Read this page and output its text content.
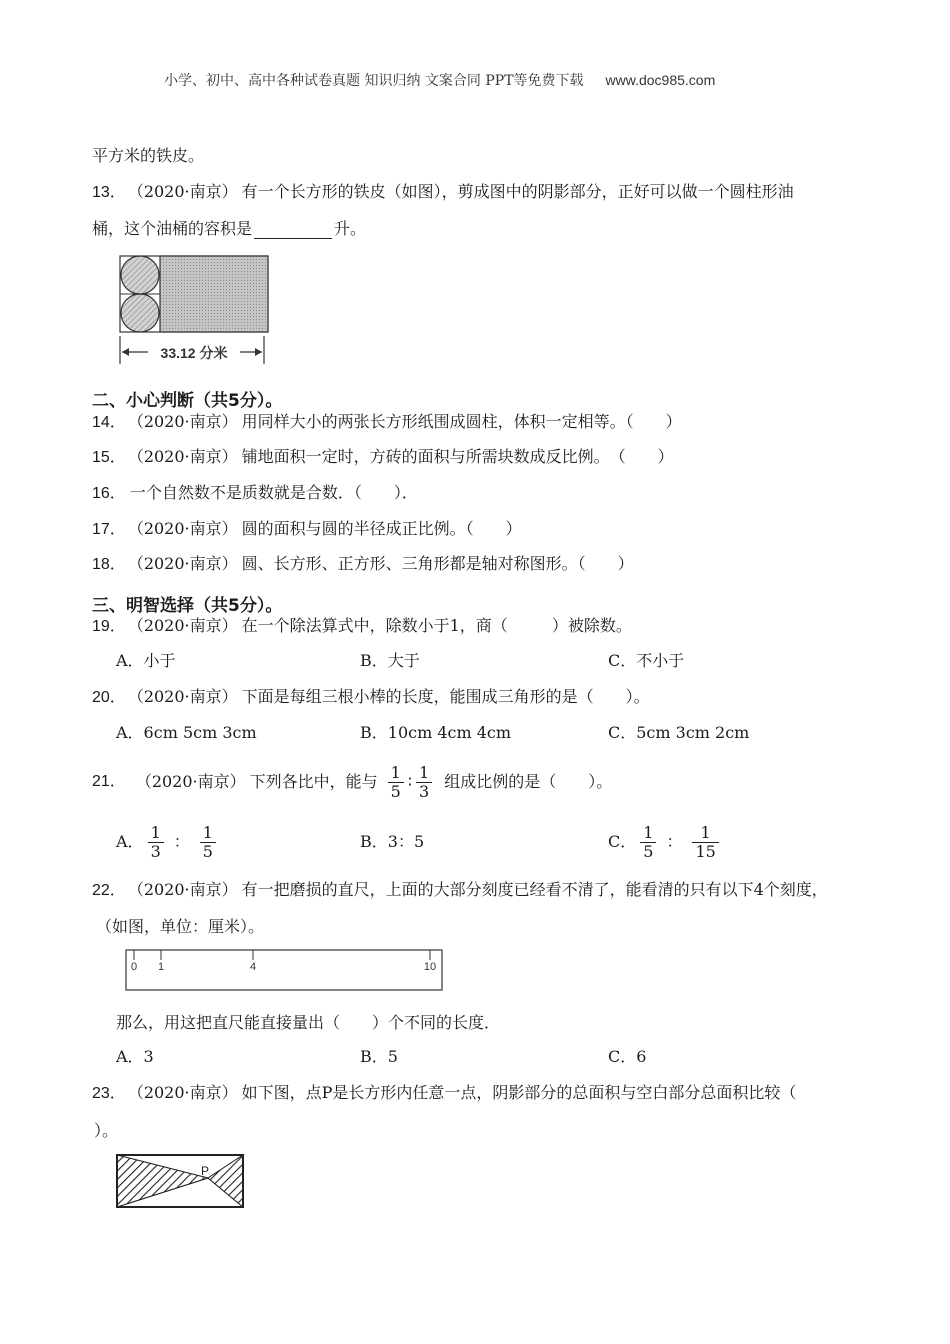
小学、初中、高中各种试卷真题 知识归纳 文案合同 PPT等免费下载 www.doc985.com
平方米的铁皮。
13． （2020·南京） 有一个长方形的铁皮（如图），剪成图中的阴影部分，正好可以做一个圆柱形油
桶，这个油桶的容积是	升。
33.12 分米
二、小心判断（共5分）。
14． （2020·南京） 用同样大小的两张长方形纸围成圆柱，体积一定相等。（　　）
15． （2020·南京） 铺地面积一定时，方砖的面积与所需块数成反比例。　（　　）
16． 一个自然数不是质数就是合数．（　　）．
17． （2020·南京） 圆的面积与圆的半径成正比例。（　　）
18． （2020·南京） 圆、长方形、正方形、三角形都是轴对称图形。（　　）
三、明智选择（共5分）。
19． （2020·南京） 在一个除法算式中，除数小于1，商（	）被除数。
A．小于	B．大于	C．不小于
20． （2020·南京） 下面是每组三根小棒的长度，能围成三角形的是（　　）。
A．6cm 5cm 3cm	B．10cm 4cm 4cm	C．5cm 3cm 2cm
21． （2020·南京） 下列各比中，能与 $\frac{1}{5}$ ∶ $\frac{1}{3}$ 组成比例的是（　　）。
A． $\frac{1}{3}$ ： $\frac{1}{5}$	B．3：5	C． $\frac{1}{5}$ ： $\frac{1}{15}$
22． （2020·南京） 有一把磨损的直尺，上面的大部分刻度已经看不清了，能看清的只有以下4个刻度，
（如图，单位：厘米）。
0 1	4	10
那么，用这把直尺能直接量出（　　）个不同的长度．
A．3	B．5	C．6
23． （2020·南京） 如下图，点P是长方形内任意一点，阴影部分的总面积与空白部分总面积比较（
）。
P
